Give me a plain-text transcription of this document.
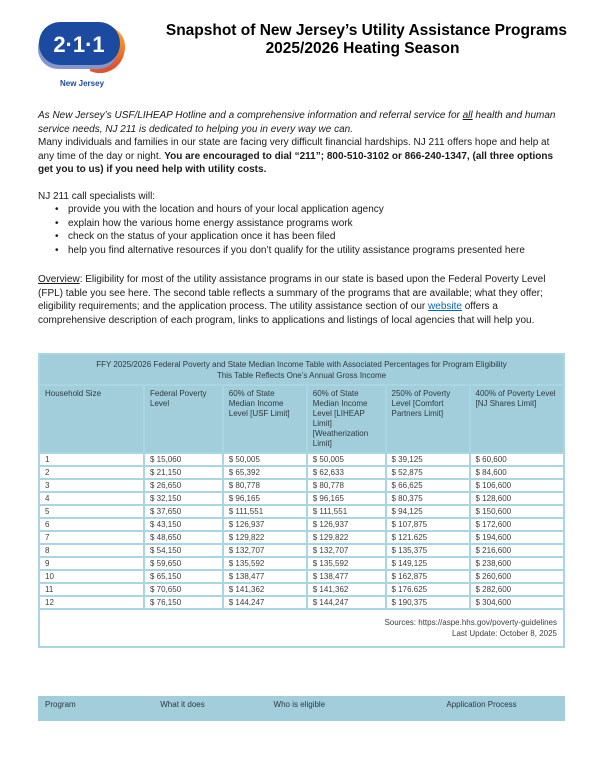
2·1·1
New Jersey
Snapshot of New Jersey’s Utility Assistance Programs
2025/2026 Heating Season

As New Jersey’s USF/LIHEAP Hotline and a comprehensive information and referral service for all health and human service needs, NJ 211 is dedicated to helping you in every way we can.

Many individuals and families in our state are facing very difficult financial hardships. NJ 211 offers hope and help at any time of the day or night. You are encouraged to dial “211”; 800-510-3102 or 866-240-1347, (all three options get you to us) if you need help with utility costs.

NJ 211 call specialists will:

• provide you with the location and hours of your local application agency
• explain how the various home energy assistance programs work
• check on the status of your application once it has been filed
• help you find alternative resources if you don’t qualify for the utility assistance programs presented here

Overview: Eligibility for most of the utility assistance programs in our state is based upon the Federal Poverty Level (FPL) table you see here. The second table reflects a summary of the programs that are available; what they offer; eligibility requirements; and the application process. The utility assistance section of our website offers a comprehensive description of each program, links to applications and listings of local agencies that will help you.

FFY 2025/2026 Federal Poverty and State Median Income Table with Associated Percentages for Program Eligibility
This Table Reflects One’s Annual Gross Income					

Household Size	Federal Poverty Level	60% of State Median Income Level [USF Limit]	60% of State Median Income Level [LIHEAP Limit] [Weatherization Limit]	250% of Poverty Level [Comfort Partners Limit]	400% of Poverty Level [NJ Shares Limit]
1	$ 15,060	$ 50,005	$ 50,005	$ 39,125	$ 60,600
2	$ 21,150	$ 65,392	$ 62,633	$ 52,875	$ 84,600
3	$ 26,650	$ 80,778	$ 80,778	$ 66,625	$ 106,600
4	$ 32,150	$ 96,165	$ 96,165	$ 80,375	$ 128,600
5	$ 37,650	$ 111,551	$ 111,551	$ 94,125	$ 150,600
6	$ 43,150	$ 126,937	$ 126,937	$ 107,875	$ 172,600
7	$ 48,650	$ 129,822	$ 129,822	$ 121.625	$ 194,600
8	$ 54,150	$ 132,707	$ 132,707	$ 135,375	$ 216,600
9	$ 59,650	$ 135,592	$ 135,592	$ 149,125	$ 238,600
10	$ 65,150	$ 138,477	$ 138,477	$ 162,875	$ 260,600
11	$ 70,650	$ 141,362	$ 141,362	$ 176.625	$ 282,600
12	$ 76,150	$ 144,247	$ 144,247	$ 190,375	$ 304,600

Sources: https://aspe.hhs.gov/poverty-guidelines
Last Update: October 8, 2025					
Program	What it does	Who is eligible	Application Process
